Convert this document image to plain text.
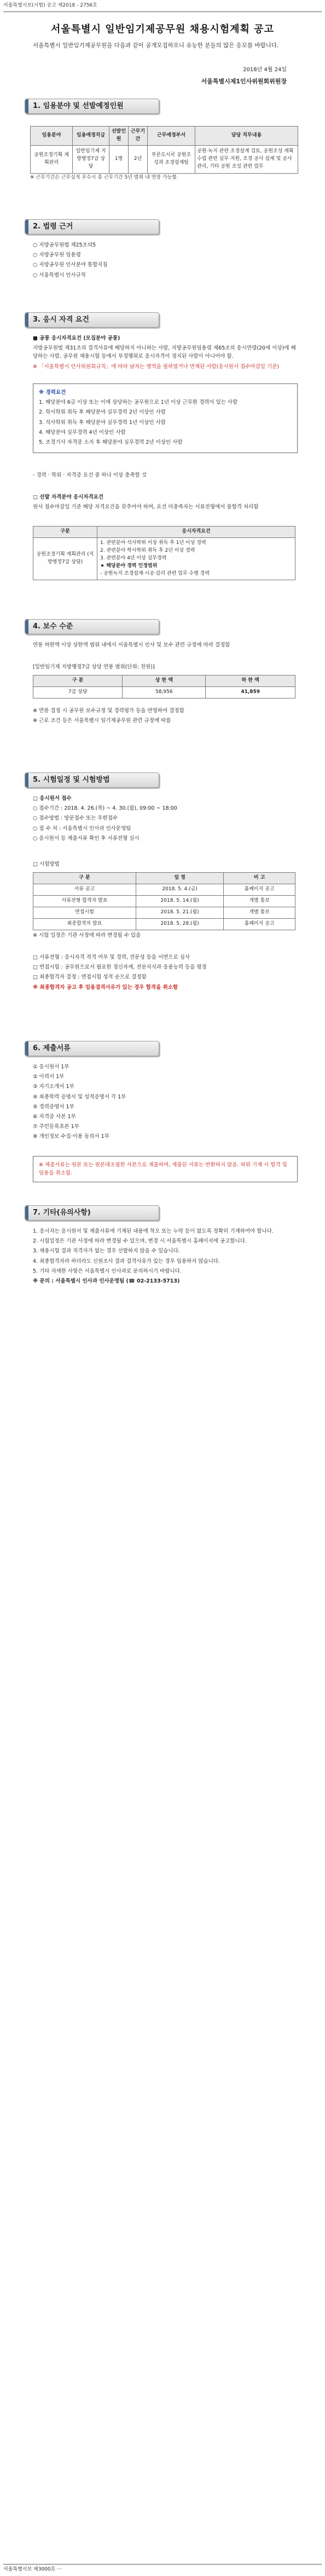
서울특별시보(시험) 공고 제2018 - 2756호
서울특별시 일반임기제공무원 채용시험계획 공고
서울특별시 일반임기제공무원을 다음과 같이 공개모집하오니 유능한 분들의 많은 응모를 바랍니다.
2018년 4월 24일
서울특별시제1인사위원회위원장
1. 임용분야 및 선발예정인원
임용분야	임용예정직급	선발인원	근무기간	근무예정부서	담당 직무내용
공원조경기획 계획관리	일반임기제 지방행정7급 상당	1명	2년	푸른도시국 공원조성과 조경설계팀	공원·녹지 관련 조경설계 검토, 공원조성 계획 수립 관련 실무 지원, 조경 공사 설계 및 공사 관리, 기타 공원 조성 관련 업무
※ 근무기간은 근무실적 우수시 총 근무기간 5년 범위 내 연장 가능함.
2. 법령 근거

○ 지방공무원법 제25조의5

○ 지방공무원 임용령

○ 지방공무원 인사분야 통합지침

○ 서울특별시 인사규칙

3. 응시 자격 요건

■ 공통 응시자격요건 (모집분야 공통)

지방공무원법 제31조의 결격사유에 해당하지 아니하는 사람, 지방공무원임용령 제65조의 응시연령(20세 이상)에 해당하는 사람, 공무원 채용시험 등에서 부정행위로 응시자격이 정지된 사람이 아니어야 함.

※ 「서울특별시 인사위원회규칙」에 따라 남자는 병역을 필하였거나 면제된 사람(응시원서 접수마감일 기준)

※ 경력요건

1. 해당분야 6급 이상 또는 이에 상당하는 공무원으로 1년 이상 근무한 경력이 있는 사람

2. 학사학위 취득 후 해당분야 실무경력 2년 이상인 사람

3. 석사학위 취득 후 해당분야 실무경력 1년 이상인 사람

4. 해당분야 실무경력 4년 이상인 사람

5. 조경기사 자격증 소지 후 해당분야 실무경력 2년 이상인 사람

- 경력 · 학위 · 자격증 요건 중 하나 이상 충족할 것

□ 선발 자격분야 응시자격요건

원서 접수마감일 기준 해당 자격요건을 갖추어야 하며, 요건 미충족자는 서류전형에서 불합격 처리함

구분	응시자격요건
공원조경기획 계획관리 (지방행정7급 상당)	1. 관련분야 석사학위 이상 취득 후 1년 이상 경력
2. 관련분야 학사학위 취득 후 2년 이상 경력
3. 관련분야 4년 이상 실무경력
★ 해당분야 경력 인정범위
- 공원녹지 조경설계·시공·감리 관련 업무 수행 경력
4. 보수 수준
연봉 하한액 이상 상한액 범위 내에서 서울특별시 인사 및 보수 관련 규정에 따라 결정함
[일반임기제 지방행정7급 상당 연봉 범위(단위: 천원)]
구 분	상 한 액	하 한 액
7급 상당	58,956	41,859

※ 연봉 결정 시 공무원 보수규정 및 경력평가 등을 반영하여 결정함

※ 근로 조건 등은 서울특별시 임기제공무원 관련 규정에 따름

5. 시험일정 및 시험방법

□ 응시원서 접수

○ 접수기간 : 2018. 4. 26.(목) ~ 4. 30.(월), 09:00 ~ 18:00

○ 접수방법 : 방문접수 또는 우편접수

○ 접 수 처 : 서울특별시 인사과 인사운영팀

○ 응시원서 등 제출서류 확인 후 서류전형 실시

□ 시험방법
구 분	일 정	비 고
서류 공고	2018. 5. 4.(금)	홈페이지 공고
서류전형 합격자 발표	2018. 5. 14.(월)	개별 통보
면접시험	2018. 5. 21.(월)	개별 통보
최종합격자 발표	2018. 5. 28.(월)	홈페이지 공고
※ 시험 일정은 기관 사정에 따라 변경될 수 있음

□ 서류전형 : 응시자격 적격 여부 및 경력, 전문성 등을 서면으로 심사

□ 면접시험 : 공무원으로서 필요한 정신자세, 전문지식과 응용능력 등을 평정

□ 최종합격자 결정 : 면접시험 성적 순으로 결정함

※ 최종합격자 공고 후 임용결격사유가 있는 경우 합격을 취소함

6. 제출서류

① 응시원서 1부

② 이력서 1부

③ 자기소개서 1부

④ 최종학력 증명서 및 성적증명서 각 1부

⑤ 경력증명서 1부

⑥ 자격증 사본 1부

⑦ 주민등록초본 1부

⑧ 개인정보 수집·이용 동의서 1부

※ 제출서류는 원본 또는 원본대조필한 사본으로 제출하며, 제출된 서류는 반환하지 않음. 허위 기재 시 합격 및 임용을 취소함.
7. 기타(유의사항)

1. 응시자는 응시원서 및 제출서류에 기재된 내용에 착오 또는 누락 등이 없도록 정확히 기재하여야 합니다.

2. 시험일정은 기관 사정에 따라 변경될 수 있으며, 변경 시 서울특별시 홈페이지에 공고합니다.

3. 채용시험 결과 적격자가 없는 경우 선발하지 않을 수 있습니다.

4. 최종합격자라 하더라도 신원조사 결과 결격사유가 있는 경우 임용하지 않습니다.

5. 기타 자세한 사항은 서울특별시 인사과로 문의하시기 바랍니다.

※ 문의 : 서울특별시 인사과 인사운영팀 (☎ 02-2133-5713)

서울특별시보 제3000호 ···
